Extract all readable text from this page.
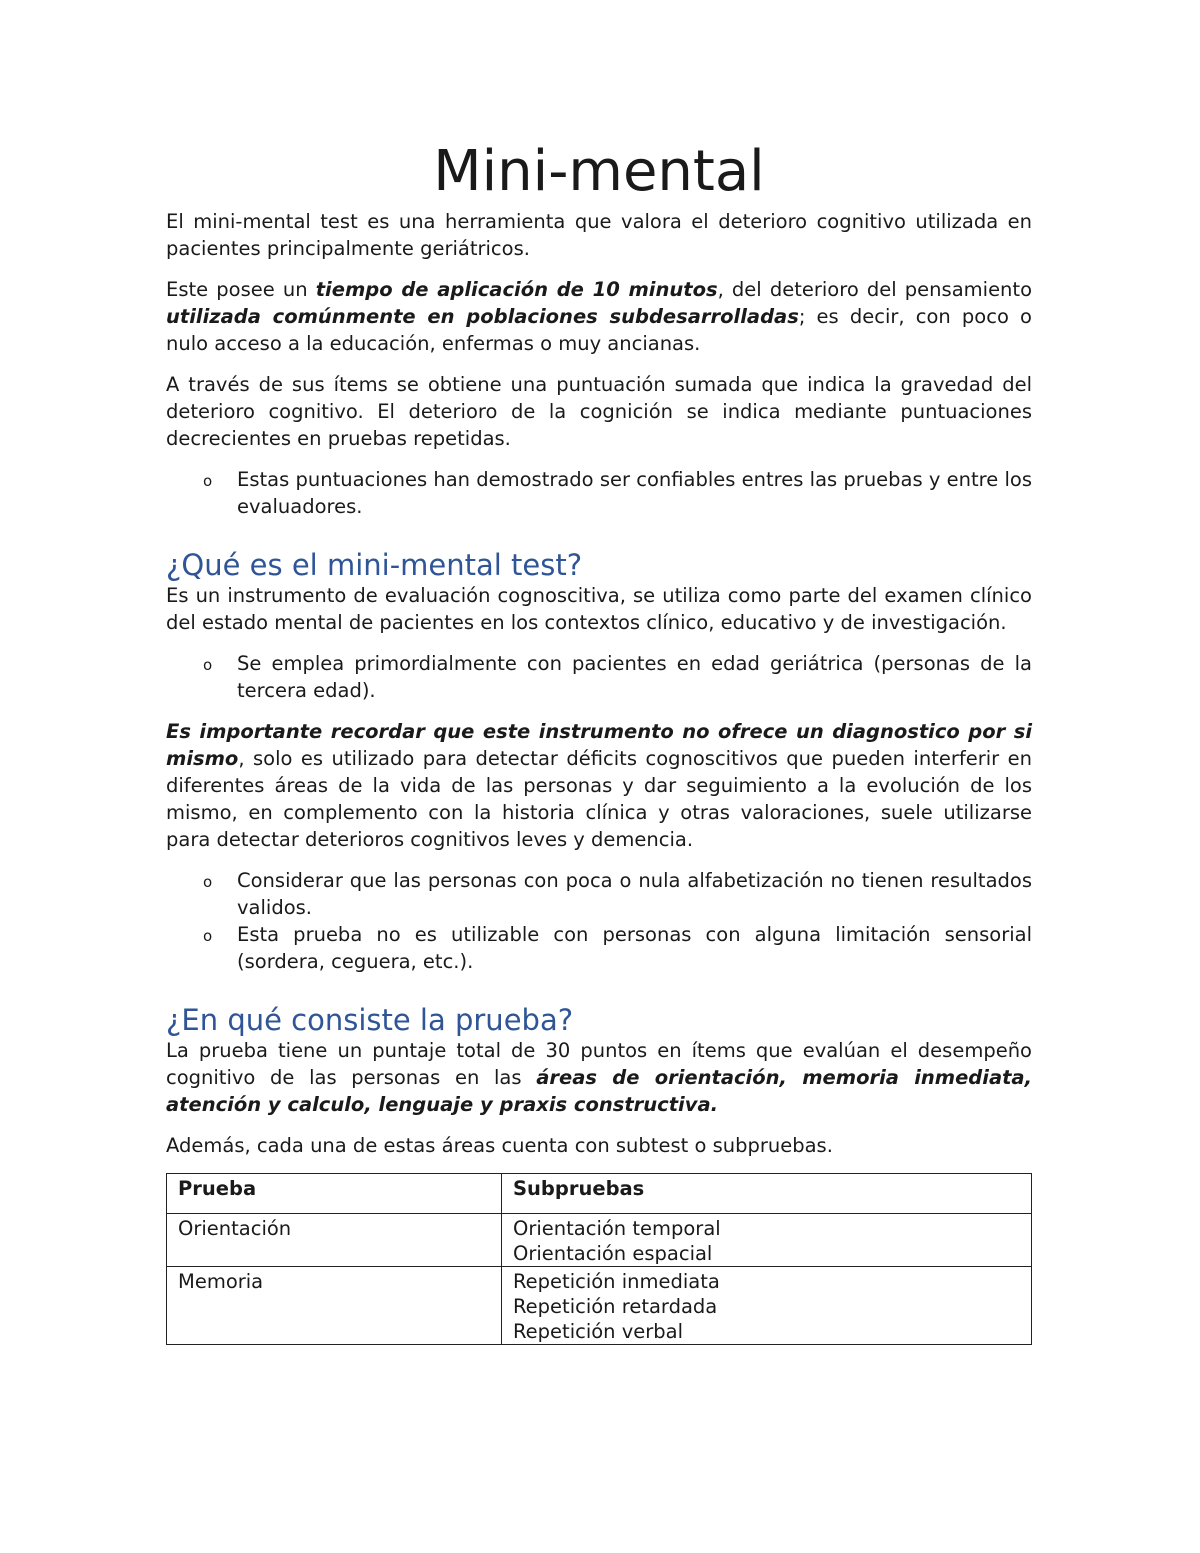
Mini-mental

El mini-mental test es una herramienta que valora el deterioro cognitivo utilizada en pacientes principalmente geriátricos.

Este posee un tiempo de aplicación de 10 minutos, del deterioro del pensamiento utilizada comúnmente en poblaciones subdesarrolladas; es decir, con poco o nulo acceso a la educación, enfermas o muy ancianas.

A través de sus ítems se obtiene una puntuación sumada que indica la gravedad del deterioro cognitivo. El deterioro de la cognición se indica mediante puntuaciones decrecientes en pruebas repetidas.

o Estas puntuaciones han demostrado ser confiables entres las pruebas y entre los evaluadores.
¿Qué es el mini-mental test?

Es un instrumento de evaluación cognoscitiva, se utiliza como parte del examen clínico del estado mental de pacientes en los contextos clínico, educativo y de investigación.

o Se emplea primordialmente con pacientes en edad geriátrica (personas de la tercera edad).

Es importante recordar que este instrumento no ofrece un diagnostico por si mismo, solo es utilizado para detectar déficits cognoscitivos que pueden interferir en diferentes áreas de la vida de las personas y dar seguimiento a la evolución de los mismo, en complemento con la historia clínica y otras valoraciones, suele utilizarse para detectar deterioros cognitivos leves y demencia.

o Considerar que las personas con poca o nula alfabetización no tienen resultados validos.
o Esta prueba no es utilizable con personas con alguna limitación sensorial (sordera, ceguera, etc.).
¿En qué consiste la prueba?

La prueba tiene un puntaje total de 30 puntos en ítems que evalúan el desempeño cognitivo de las personas en las áreas de orientación, memoria inmediata, atención y calculo, lenguaje y praxis constructiva.

Además, cada una de estas áreas cuenta con subtest o subpruebas.

Prueba	Subpruebas
Orientación	Orientación temporal
Orientación espacial

Memoria	Repetición inmediata
Repetición retardada
Repetición verbal
